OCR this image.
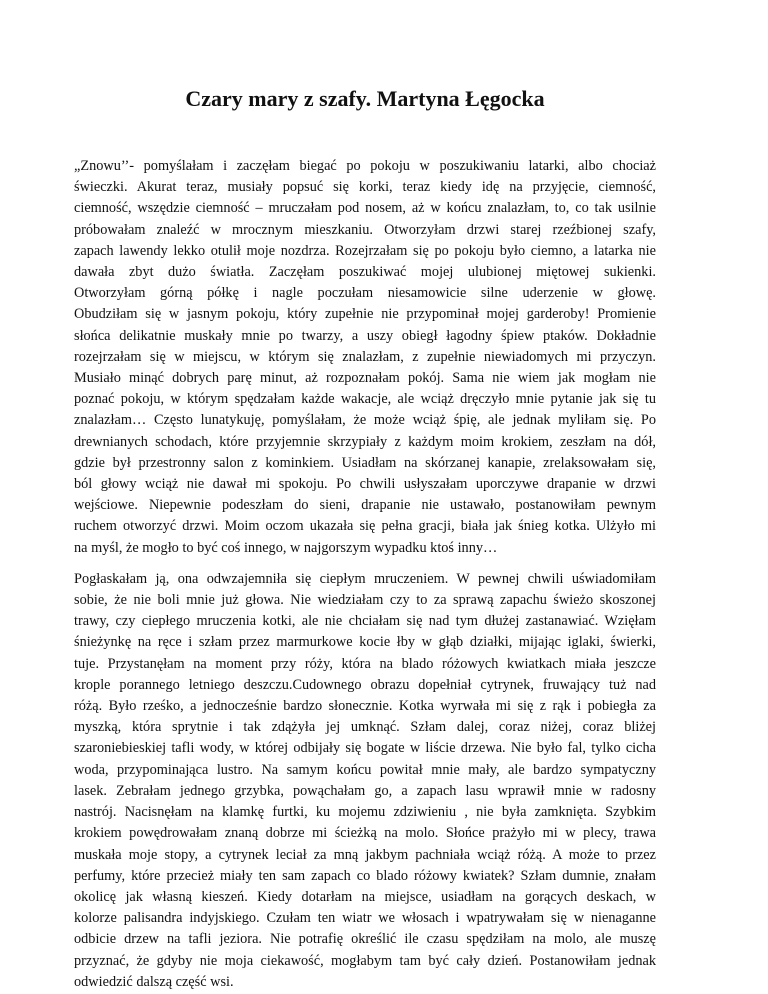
Czary mary z szafy. Martyna Łęgocka

„Znowu’’- pomyślałam i zaczęłam biegać po pokoju w poszukiwaniu latarki, albo chociaż
świeczki. Akurat teraz, musiały popsuć się korki, teraz kiedy idę na przyjęcie, ciemność,
ciemność, wszędzie ciemność – mruczałam pod nosem, aż w końcu znalazłam, to, co tak usilnie
próbowałam znaleźć w mrocznym mieszkaniu. Otworzyłam drzwi starej rzeźbionej szafy,
zapach lawendy lekko otulił moje nozdrza. Rozejrzałam się po pokoju było ciemno, a latarka nie
dawała zbyt dużo światła. Zaczęłam poszukiwać mojej ulubionej miętowej sukienki.
Otworzyłam górną półkę i nagle poczułam niesamowicie silne uderzenie w głowę.
Obudziłam się w jasnym pokoju, który zupełnie nie przypominał mojej garderoby! Promienie
słońca delikatnie muskały mnie po twarzy, a uszy obiegł łagodny śpiew ptaków. Dokładnie
rozejrzałam się w miejscu, w którym się znalazłam, z zupełnie niewiadomych mi przyczyn.
Musiało minąć dobrych parę minut, aż rozpoznałam pokój. Sama nie wiem jak mogłam nie
poznać pokoju, w którym spędzałam każde wakacje, ale wciąż dręczyło mnie pytanie jak się tu
znalazłam… Często lunatykuję, pomyślałam, że może wciąż śpię, ale jednak myliłam się. Po
drewnianych schodach, które przyjemnie skrzypiały z każdym moim krokiem, zeszłam na dół,
gdzie był przestronny salon z kominkiem. Usiadłam na skórzanej kanapie, zrelaksowałam się,
ból głowy wciąż nie dawał mi spokoju. Po chwili usłyszałam uporczywe drapanie w drzwi
wejściowe. Niepewnie podeszłam do sieni, drapanie nie ustawało, postanowiłam pewnym
ruchem otworzyć drzwi. Moim oczom ukazała się pełna gracji, biała jak śnieg kotka. Ulżyło mi
na myśl, że mogło to być coś innego, w najgorszym wypadku ktoś inny…

Pogłaskałam ją, ona odwzajemniła się ciepłym mruczeniem. W pewnej chwili uświadomiłam
sobie, że nie boli mnie już głowa. Nie wiedziałam czy to za sprawą zapachu świeżo skoszonej
trawy, czy ciepłego mruczenia kotki, ale nie chciałam się nad tym dłużej zastanawiać. Wzięłam
śnieżynkę na ręce i szłam przez marmurkowe kocie łby w głąb działki, mijając iglaki, świerki,
tuje. Przystanęłam na moment przy róży, która na blado różowych kwiatkach miała jeszcze
krople porannego letniego deszczu.Cudownego obrazu dopełniał cytrynek, fruwający tuż nad
różą. Było rześko, a jednocześnie bardzo słonecznie. Kotka wyrwała mi się z rąk i pobiegła za
myszką, która sprytnie i tak zdążyła jej umknąć. Szłam dalej, coraz niżej, coraz bliżej
szaroniebieskiej tafli wody, w której odbijały się bogate w liście drzewa. Nie było fal, tylko cicha
woda, przypominająca lustro. Na samym końcu powitał mnie mały, ale bardzo sympatyczny
lasek. Zebrałam jednego grzybka, powąchałam go, a zapach lasu wprawił mnie w radosny
nastrój. Nacisnęłam na klamkę furtki, ku mojemu zdziwieniu , nie była zamknięta. Szybkim
krokiem powędrowałam znaną dobrze mi ścieżką na molo. Słońce prażyło mi w plecy, trawa
muskała moje stopy, a cytrynek leciał za mną jakbym pachniała wciąż różą. A może to przez
perfumy, które przecież miały ten sam zapach co blado różowy kwiatek? Szłam dumnie, znałam
okolicę jak własną kieszeń. Kiedy dotarłam na miejsce, usiadłam na gorących deskach, w
kolorze palisandra indyjskiego. Czułam ten wiatr we włosach i wpatrywałam się w nienaganne
odbicie drzew na tafli jeziora. Nie potrafię określić ile czasu spędziłam na molo, ale muszę
przyznać, że gdyby nie moja ciekawość, mogłabym tam być cały dzień. Postanowiłam jednak
odwiedzić dalszą część wsi.
